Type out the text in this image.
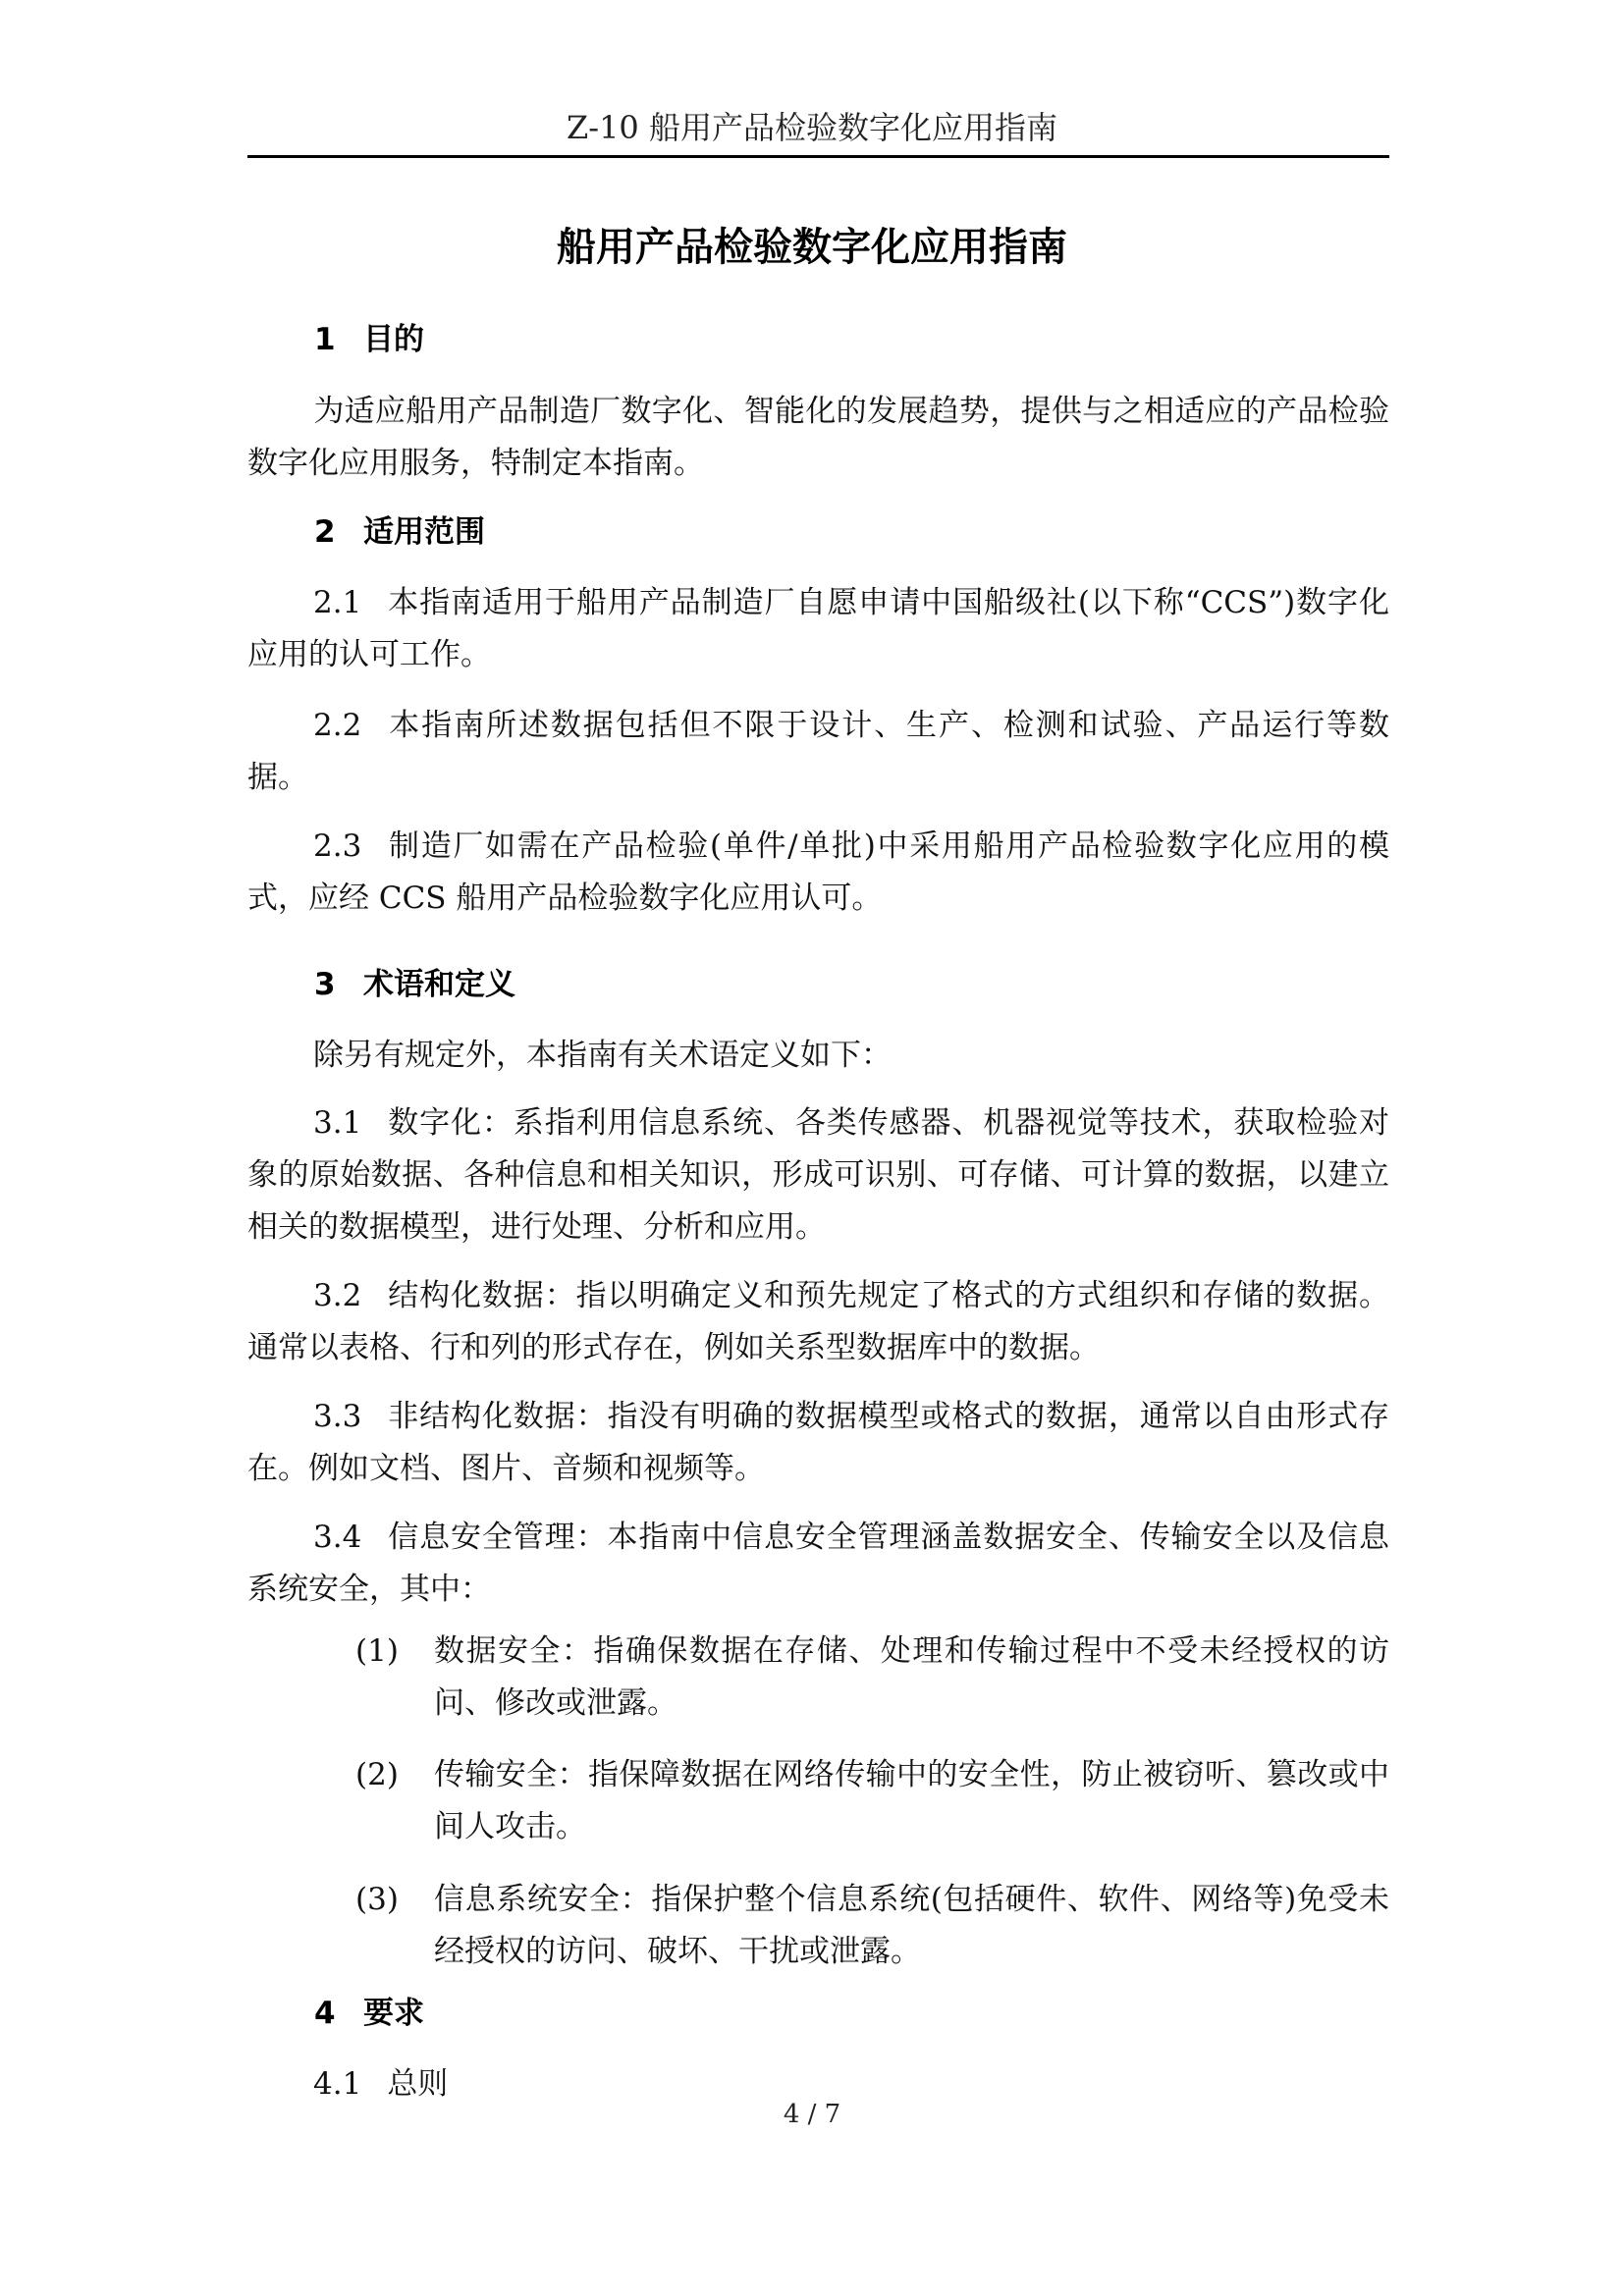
Z-10 船用产品检验数字化应用指南
船用产品检验数字化应用指南
1 目的
为适应船用产品制造厂数字化、智能化的发展趋势，提供与之相适应的产品检验数字化应用服务，特制定本指南。
2 适用范围
2.1 本指南适用于船用产品制造厂自愿申请中国船级社(以下称“CCS”)数字化应用的认可工作。
2.2 本指南所述数据包括但不限于设计、生产、检测和试验、产品运行等数据。
2.3 制造厂如需在产品检验(单件/单批)中采用船用产品检验数字化应用的模式，应经 CCS 船用产品检验数字化应用认可。
3 术语和定义
除另有规定外，本指南有关术语定义如下：
3.1 数字化：系指利用信息系统、各类传感器、机器视觉等技术，获取检验对象的原始数据、各种信息和相关知识，形成可识别、可存储、可计算的数据，以建立相关的数据模型，进行处理、分析和应用。
3.2 结构化数据：指以明确定义和预先规定了格式的方式组织和存储的数据。通常以表格、行和列的形式存在，例如关系型数据库中的数据。
3.3 非结构化数据：指没有明确的数据模型或格式的数据，通常以自由形式存在。例如文档、图片、音频和视频等。
3.4 信息安全管理：本指南中信息安全管理涵盖数据安全、传输安全以及信息系统安全，其中：
(1)	数据安全：指确保数据在存储、处理和传输过程中不受未经授权的访问、修改或泄露。
(2)	传输安全：指保障数据在网络传输中的安全性，防止被窃听、篡改或中间人攻击。
(3)	信息系统安全：指保护整个信息系统(包括硬件、软件、网络等)免受未经授权的访问、破坏、干扰或泄露。
4 要求
4.1 总则
4 / 7
